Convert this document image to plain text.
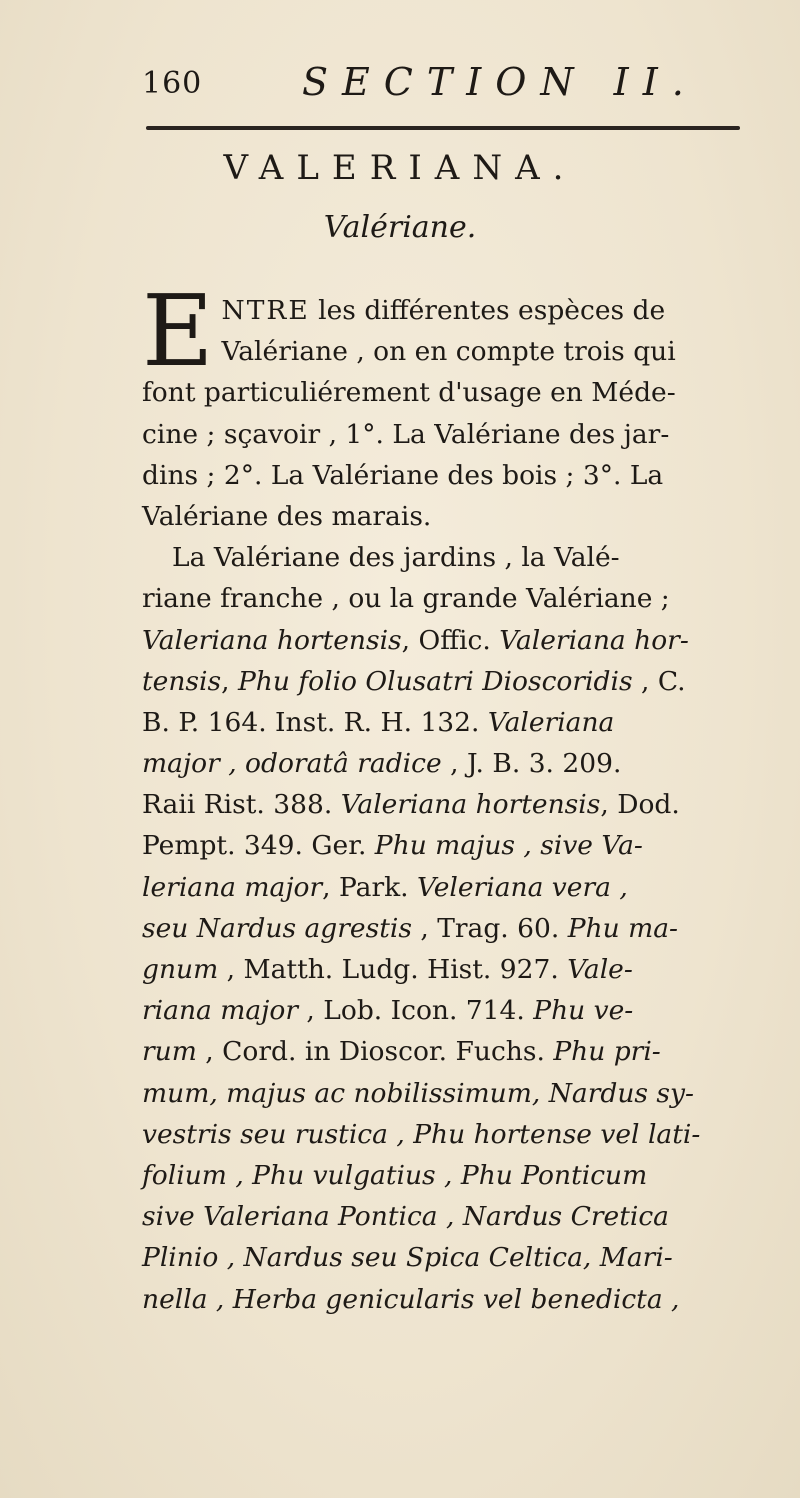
160	SECTION II.
VALERIANA.
Valériane.
E NTRE les différentes espèces de
Valériane , on en compte trois qui
font particuliérement d'usage en Méde-
cine ; sçavoir , 1°. La Valériane des jar-
dins ; 2°. La Valériane des bois ; 3°. La
Valériane des marais.
La Valériane des jardins , la Valé-
riane franche , ou la grande Valériane ;
Valeriana hortensis, Offic. Valeriana hor-
tensis, Phu folio Olusatri Dioscoridis , C.
B. P. 164. Inst. R. H. 132. Valeriana
major , odoratâ radice , J. B. 3. 209.
Raii Rist. 388. Valeriana hortensis, Dod.
Pempt. 349. Ger. Phu majus , sive Va-
leriana major, Park. Veleriana vera ,
seu Nardus agrestis , Trag. 60. Phu ma-
gnum , Matth. Ludg. Hist. 927. Vale-
riana major , Lob. Icon. 714. Phu ve-
rum , Cord. in Dioscor. Fuchs. Phu pri-
mum, majus ac nobilissimum, Nardus sy-
vestris seu rustica , Phu hortense vel lati-
folium , Phu vulgatius , Phu Ponticum
sive Valeriana Pontica , Nardus Cretica
Plinio , Nardus seu Spica Celtica, Mari-
nella , Herba genicularis vel benedicta ,
